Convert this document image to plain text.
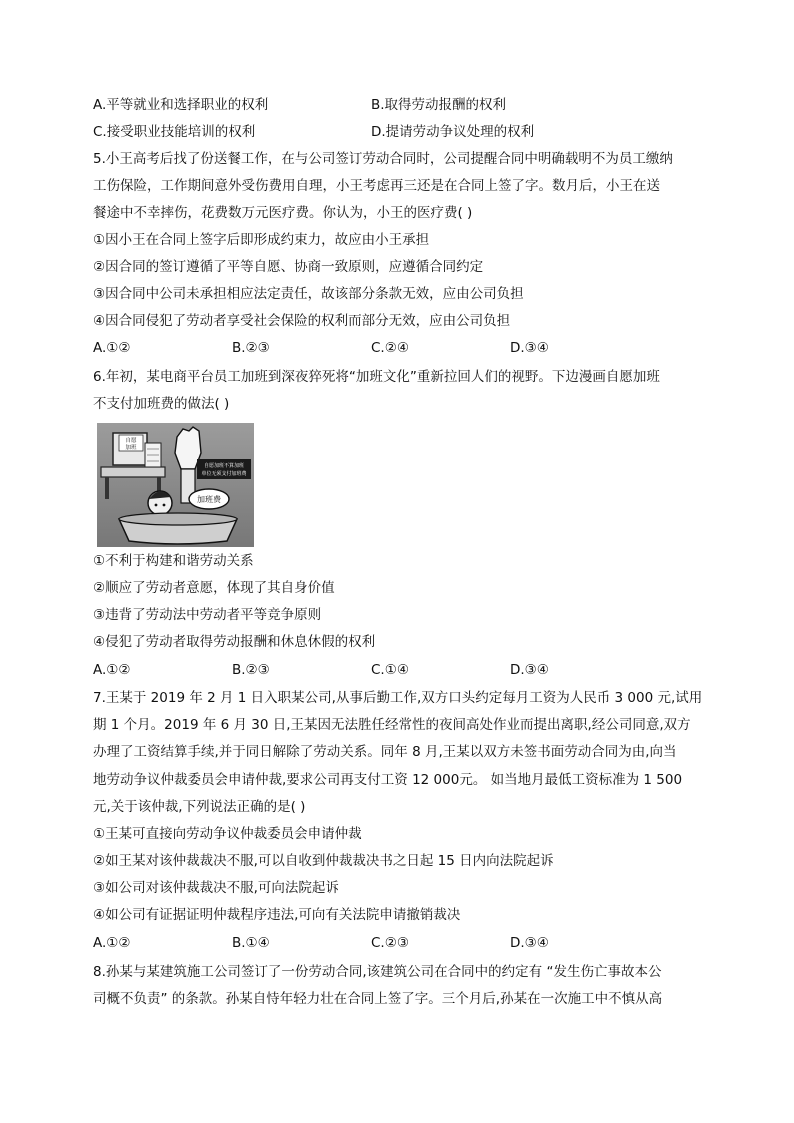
A.平等就业和选择职业的权利	B.取得劳动报酬的权利
C.接受职业技能培训的权利	D.提请劳动争议处理的权利
5.小王高考后找了份送餐工作，在与公司签订劳动合同时，公司提醒合同中明确载明不为员工缴纳
工伤保险，工作期间意外受伤费用自理，小王考虑再三还是在合同上签了字。数月后，小王在送
餐途中不幸摔伤，花费数万元医疗费。你认为，小王的医疗费( )
①因小王在合同上签字后即形成约束力，故应由小王承担
②因合同的签订遵循了平等自愿、协商一致原则，应遵循合同约定
③因合同中公司未承担相应法定责任，故该部分条款无效，应由公司负担
④因合同侵犯了劳动者享受社会保险的权利而部分无效，应由公司负担
A.①②	B.②③	C.②④	D.③④
6.年初，某电商平台员工加班到深夜猝死将“加班文化”重新拉回人们的视野。下边漫画自愿加班
不支付加班费的做法( )
自愿
加班
自愿加班不算加班
单位无须支付加班费
加班费
①不利于构建和谐劳动关系
②顺应了劳动者意愿，体现了其自身价值
③违背了劳动法中劳动者平等竞争原则
④侵犯了劳动者取得劳动报酬和休息休假的权利
A.①②	B.②③	C.①④	D.③④
7.王某于 2019 年 2 月 1 日入职某公司,从事后勤工作,双方口头约定每月工资为人民币 3 000 元,试用
期 1 个月。2019 年 6 月 30 日,王某因无法胜任经常性的夜间高处作业而提出离职,经公司同意,双方
办理了工资结算手续,并于同日解除了劳动关系。同年 8 月,王某以双方未签书面劳动合同为由,向当
地劳动争议仲裁委员会申请仲裁,要求公司再支付工资 12 000元。 如当地月最低工资标准为 1 500
元,关于该仲裁,下列说法正确的是( )
①王某可直接向劳动争议仲裁委员会申请仲裁
②如王某对该仲裁裁决不服,可以自收到仲裁裁决书之日起 15 日内向法院起诉
③如公司对该仲裁裁决不服,可向法院起诉
④如公司有证据证明仲裁程序违法,可向有关法院申请撤销裁决
A.①②	B.①④	C.②③	D.③④
8.孙某与某建筑施工公司签订了一份劳动合同,该建筑公司在合同中的约定有 “发生伤亡事故本公
司概不负责” 的条款。孙某自恃年轻力壮在合同上签了字。三个月后,孙某在一次施工中不慎从高
